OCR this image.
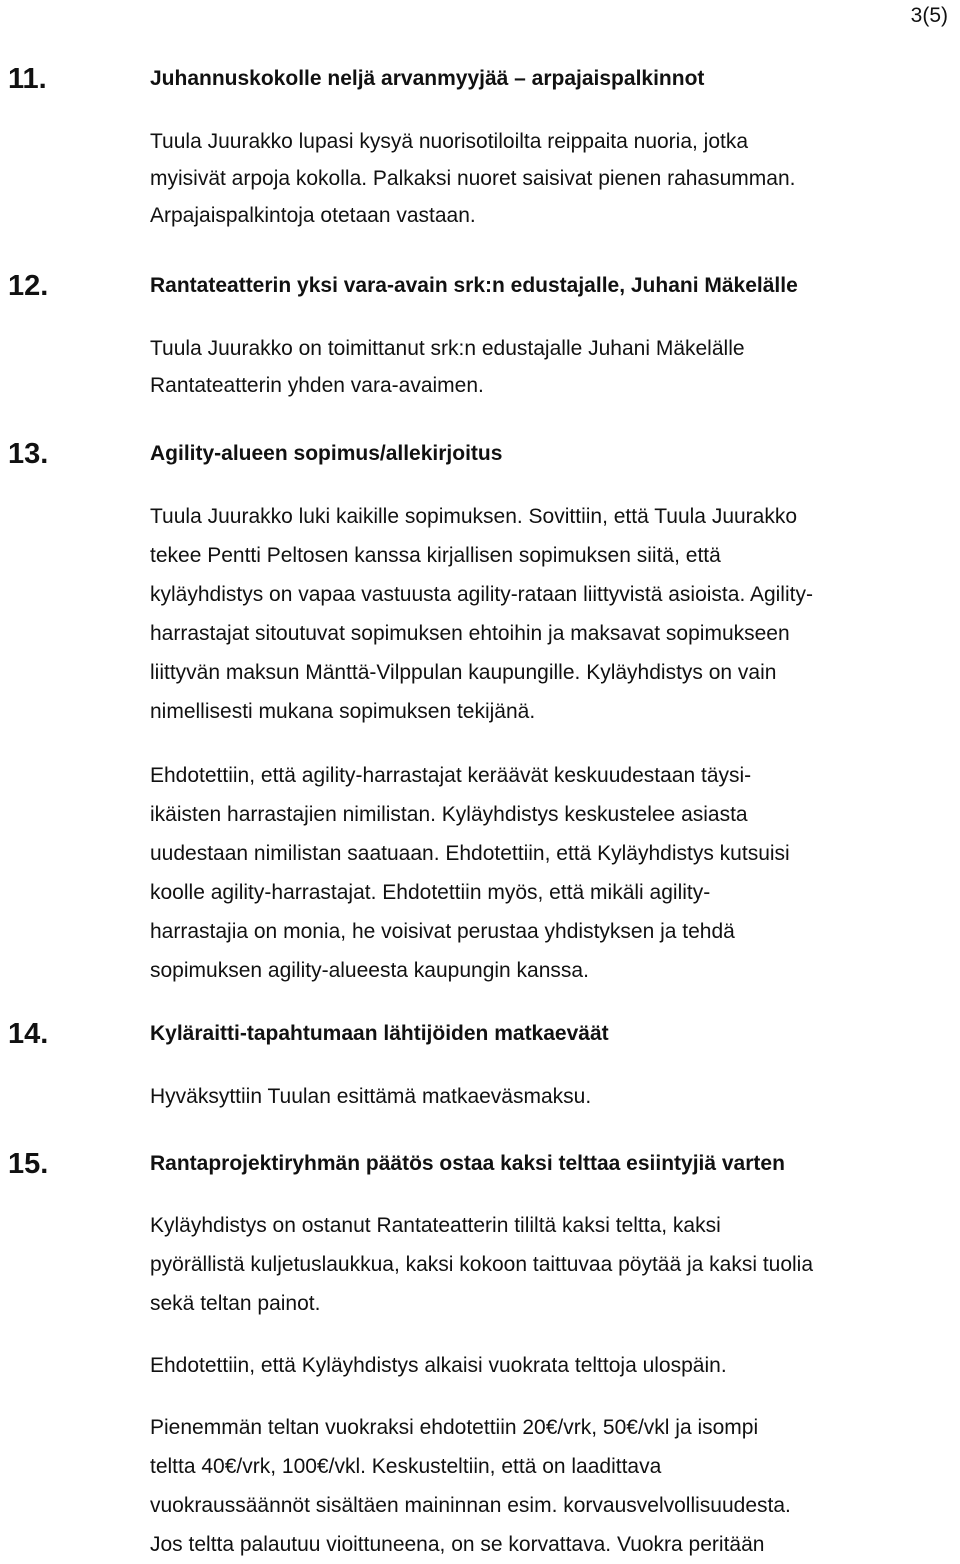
3(5)
11.	Juhannuskokolle neljä arvanmyyjää – arpajaispalkinnot
Tuula Juurakko lupasi kysyä nuorisotiloilta reippaita nuoria, jotka
myisivät arpoja kokolla. Palkaksi nuoret saisivat pienen rahasumman.
Arpajaispalkintoja otetaan vastaan.
12.	Rantateatterin yksi vara-avain srk:n edustajalle, Juhani Mäkelälle
Tuula Juurakko on toimittanut srk:n edustajalle Juhani Mäkelälle
Rantateatterin yhden vara-avaimen.
13.	Agility-alueen sopimus/allekirjoitus
Tuula Juurakko luki kaikille sopimuksen. Sovittiin, että Tuula Juurakko
tekee Pentti Peltosen kanssa kirjallisen sopimuksen siitä, että
kyläyhdistys on vapaa vastuusta agility-rataan liittyvistä asioista. Agility-
harrastajat sitoutuvat sopimuksen ehtoihin ja maksavat sopimukseen
liittyvän maksun Mänttä-Vilppulan kaupungille. Kyläyhdistys on vain
nimellisesti mukana sopimuksen tekijänä.
Ehdotettiin, että agility-harrastajat keräävät keskuudestaan täysi-
ikäisten harrastajien nimilistan. Kyläyhdistys keskustelee asiasta
uudestaan nimilistan saatuaan. Ehdotettiin, että Kyläyhdistys kutsuisi
koolle agility-harrastajat. Ehdotettiin myös, että mikäli agility-
harrastajia on monia, he voisivat perustaa yhdistyksen ja tehdä
sopimuksen agility-alueesta kaupungin kanssa.
14.	Kyläraitti-tapahtumaan lähtijöiden matkaeväät
Hyväksyttiin Tuulan esittämä matkaeväsmaksu.
15.	Rantaprojektiryhmän päätös ostaa kaksi telttaa esiintyjiä varten
Kyläyhdistys on ostanut Rantateatterin tililtä kaksi teltta, kaksi
pyörällistä kuljetuslaukkua, kaksi kokoon taittuvaa pöytää ja kaksi tuolia
sekä teltan painot.
Ehdotettiin, että Kyläyhdistys alkaisi vuokrata telttoja ulospäin.
Pienemmän teltan vuokraksi ehdotettiin 20€/vrk, 50€/vkl ja isompi
teltta 40€/vrk, 100€/vkl. Keskusteltiin, että on laadittava
vuokraussäännöt sisältäen maininnan esim. korvausvelvollisuudesta.
Jos teltta palautuu vioittuneena, on se korvattava. Vuokra peritään
